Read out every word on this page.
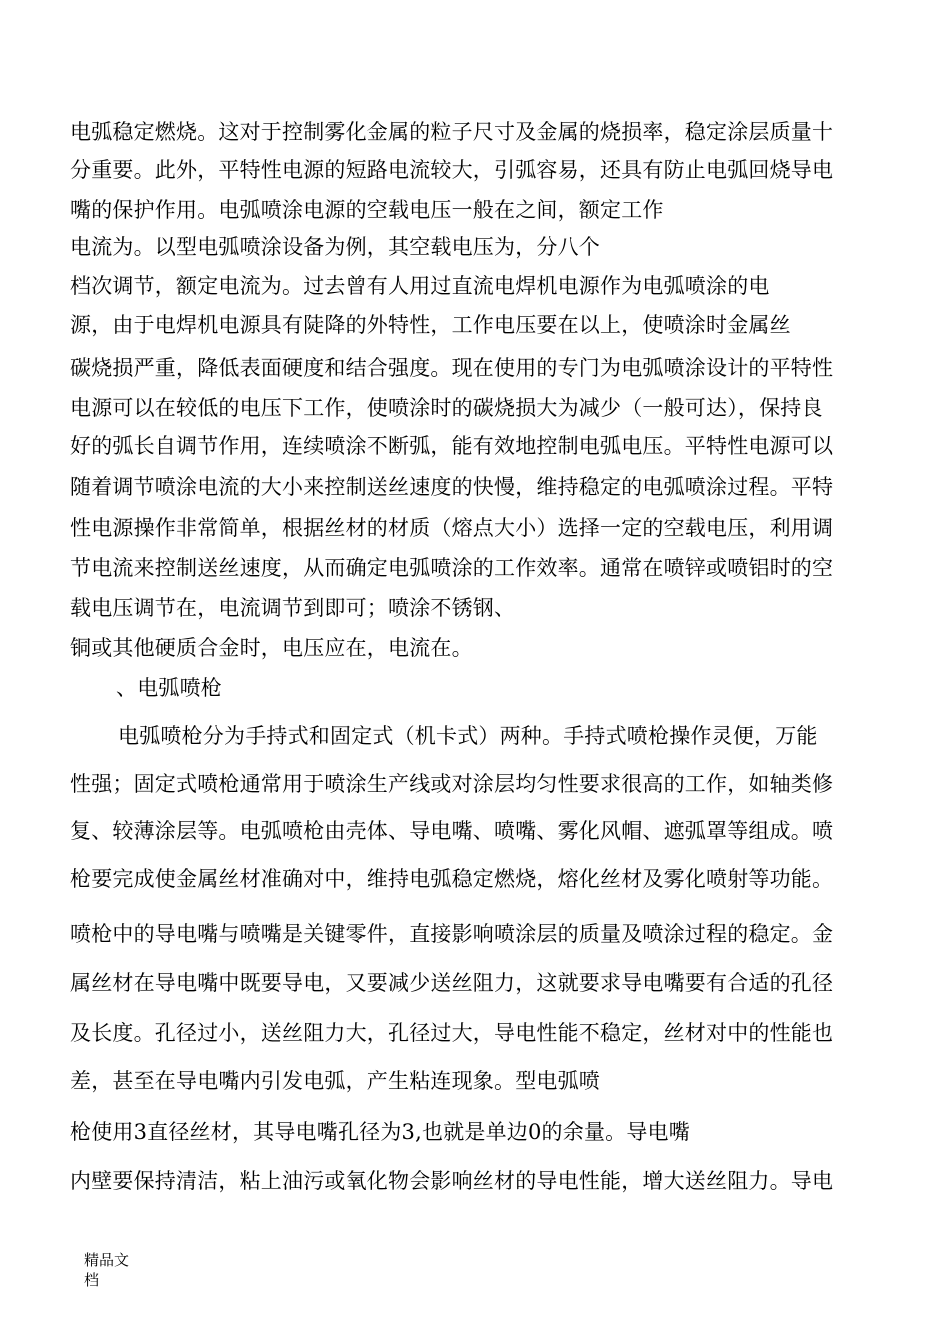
电弧稳定燃烧。这对于控制雾化金属的粒子尺寸及金属的烧损率，稳定涂层质量十
分重要。此外，平特性电源的短路电流较大，引弧容易，还具有防止电弧回烧导电
嘴的保护作用。电弧喷涂电源的空载电压一般在之间，额定工作
电流为。以型电弧喷涂设备为例，其空载电压为，分八个
档次调节，额定电流为。过去曾有人用过直流电焊机电源作为电弧喷涂的电
源，由于电焊机电源具有陡降的外特性，工作电压要在以上，使喷涂时金属丝
碳烧损严重，降低表面硬度和结合强度。现在使用的专门为电弧喷涂设计的平特性
电源可以在较低的电压下工作，使喷涂时的碳烧损大为减少（一般可达），保持良
好的弧长自调节作用，连续喷涂不断弧，能有效地控制电弧电压。平特性电源可以
随着调节喷涂电流的大小来控制送丝速度的快慢，维持稳定的电弧喷涂过程。平特
性电源操作非常简单，根据丝材的材质（熔点大小）选择一定的空载电压，利用调
节电流来控制送丝速度，从而确定电弧喷涂的工作效率。通常在喷锌或喷铝时的空
载电压调节在，电流调节到即可；喷涂不锈钢、
铜或其他硬质合金时，电压应在，电流在。
、电弧喷枪
电弧喷枪分为手持式和固定式（机卡式）两种。手持式喷枪操作灵便，万能
性强；固定式喷枪通常用于喷涂生产线或对涂层均匀性要求很高的工作，如轴类修
复、较薄涂层等。电弧喷枪由壳体、导电嘴、喷嘴、雾化风帽、遮弧罩等组成。喷
枪要完成使金属丝材准确对中，维持电弧稳定燃烧，熔化丝材及雾化喷射等功能。
喷枪中的导电嘴与喷嘴是关键零件，直接影响喷涂层的质量及喷涂过程的稳定。金
属丝材在导电嘴中既要导电，又要减少送丝阻力，这就要求导电嘴要有合适的孔径
及长度。孔径过小，送丝阻力大，孔径过大，导电性能不稳定，丝材对中的性能也
差，甚至在导电嘴内引发电弧，产生粘连现象。型电弧喷
枪使用3直径丝材，其导电嘴孔径为3,也就是单边0的余量。导电嘴
内壁要保持清洁，粘上油污或氧化物会影响丝材的导电性能，增大送丝阻力。导电
精品文
档
